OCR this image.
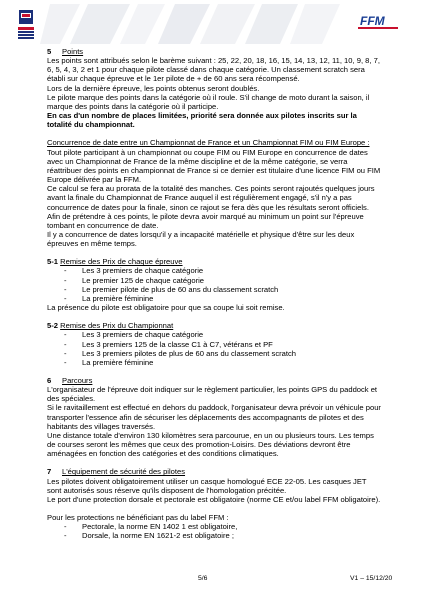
FFM

5 Points

Les points sont attribués selon le barème suivant : 25, 22, 20, 18, 16, 15, 14, 13, 12, 11, 10, 9, 8, 7, 6, 5, 4, 3, 2 et 1 pour chaque pilote classé dans chaque catégorie. Un classement scratch sera établi sur chaque épreuve et le 1er pilote de + de 60 ans sera récompensé.

Lors de la dernière épreuve, les points obtenus seront doublés.

Le pilote marque des points dans la catégorie où il roule. S'il change de moto durant la saison, il marque des points dans la catégorie où il participe.

En cas d'un nombre de places limitées, priorité sera donnée aux pilotes inscrits sur la totalité du championnat.

Concurrence de date entre un Championnat de France et un Championnat FIM ou FIM Europe :

Tout pilote participant à un championnat ou coupe FIM ou FIM Europe en concurrence de dates avec un Championnat de France de la même discipline et de la même catégorie, se verra réattribuer des points en championnat de France si ce dernier est titulaire d'une licence FIM ou FIM Europe délivrée par la FFM.

Ce calcul se fera au prorata de la totalité des manches. Ces points seront rajoutés quelques jours avant la finale du Championnat de France auquel il est régulièrement engagé, s'il n'y a pas concurrence de dates pour la finale, sinon ce rajout se fera dès que les résultats seront officiels.

Afin de prétendre à ces points, le pilote devra avoir marqué au minimum un point sur l'épreuve tombant en concurrence de date.

Il y a concurrence de dates lorsqu'il y a incapacité matérielle et physique d'être sur les deux épreuves en même temps.

5-1 Remise des Prix de chaque épreuve

- Les 3 premiers de chaque catégorie
- Le premier 125 de chaque catégorie
- Le premier pilote de plus de 60 ans du classement scratch
- La première féminine

La présence du pilote est obligatoire pour que sa coupe lui soit remise.

5-2 Remise des Prix du Championnat

- Les 3 premiers de chaque catégorie
- Les 3 premiers 125 de la classe C1 à C7, vétérans et PF
- Les 3 premiers pilotes de plus de 60 ans du classement scratch
- La première féminine

6 Parcours

L'organisateur de l'épreuve doit indiquer sur le règlement particulier, les points GPS du paddock et des spéciales.

Si le ravitaillement est effectué en dehors du paddock, l'organisateur devra prévoir un véhicule pour transporter l'essence afin de sécuriser les déplacements des accompagnants de pilotes et des habitants des villages traversés.

Une distance totale d'environ 130 kilomètres sera parcourue, en un ou plusieurs tours. Les temps de courses seront les mêmes que ceux des promotion-Loisirs. Des déviations devront être aménagées en fonction des catégories et des conditions climatiques.

7 L'équipement de sécurité des pilotes

Les pilotes doivent obligatoirement utiliser un casque homologué ECE 22-05. Les casques JET sont autorisés sous réserve qu'ils disposent de l'homologation précitée.

Le port d'une protection dorsale et pectorale est obligatoire (norme CE et/ou label FFM obligatoire).

Pour les protections ne bénéficiant pas du label FFM :

- Pectorale, la norme EN 1402 1 est obligatoire,
- Dorsale, la norme EN 1621-2 est obligatoire ;
5/6	V1 – 15/12/20
